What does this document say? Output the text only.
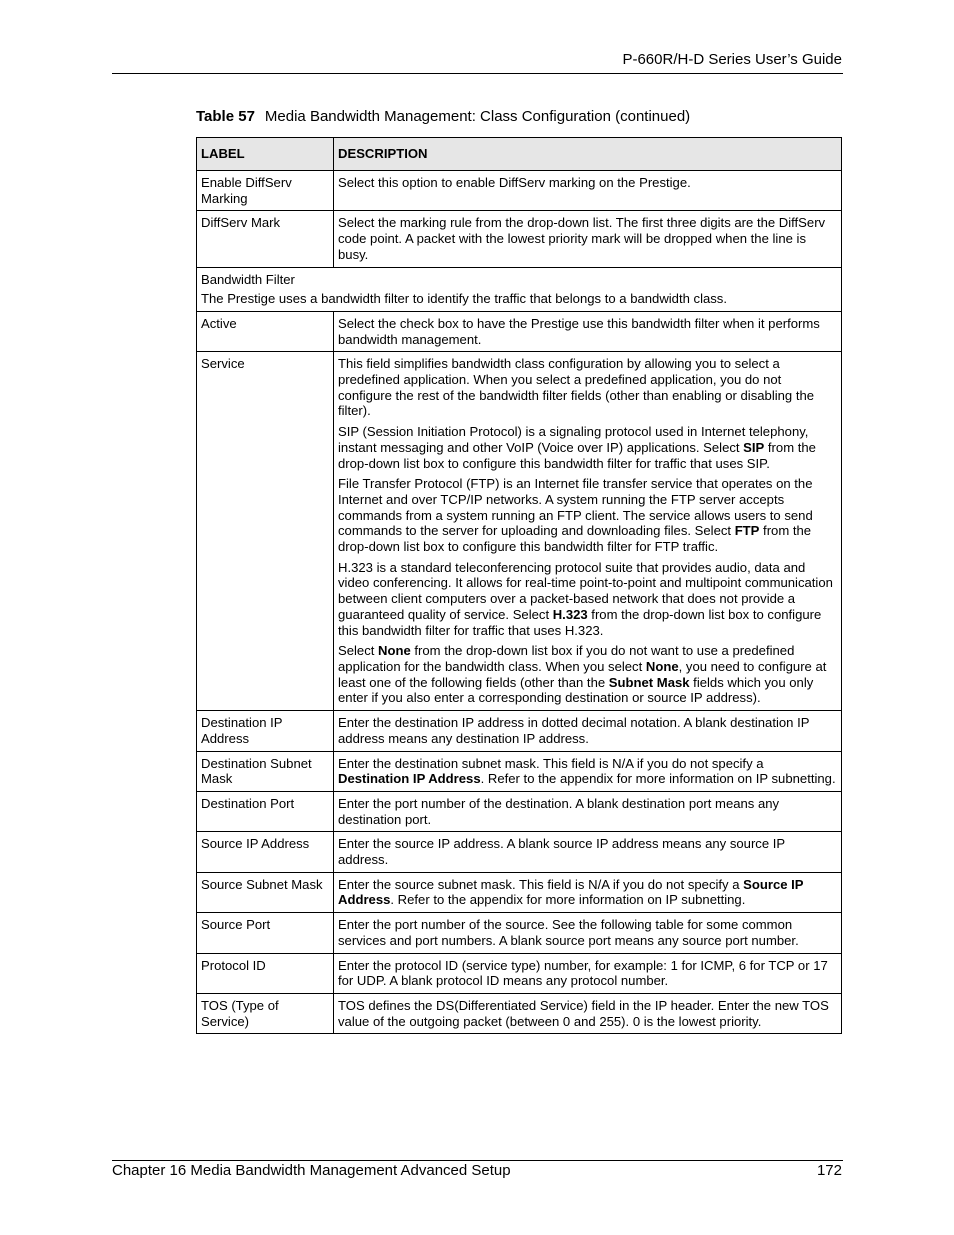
P-660R/H-D Series User’s Guide
Table 57 Media Bandwidth Management: Class Configuration (continued)
LABEL	DESCRIPTION
Enable DiffServ Marking	Select this option to enable DiffServ marking on the Prestige.

DiffServ Mark	Select the marking rule from the drop-down list. The first three digits are the DiffServ code point. A packet with the lowest priority mark will be dropped when the line is busy.

Bandwidth Filter
The Prestige uses a bandwidth filter to identify the traffic that belongs to a bandwidth class.	

Active	Select the check box to have the Prestige use this bandwidth filter when it performs bandwidth management.

Service	This field simplifies bandwidth class configuration by allowing you to select a predefined application. When you select a predefined application, you do not configure the rest of the bandwidth filter fields (other than enabling or disabling the filter).
SIP (Session Initiation Protocol) is a signaling protocol used in Internet telephony, instant messaging and other VoIP (Voice over IP) applications. Select SIP from the drop-down list box to configure this bandwidth filter for traffic that uses SIP.
File Transfer Protocol (FTP) is an Internet file transfer service that operates on the Internet and over TCP/IP networks. A system running the FTP server accepts commands from a system running an FTP client. The service allows users to send commands to the server for uploading and downloading files. Select FTP from the drop-down list box to configure this bandwidth filter for FTP traffic.
H.323 is a standard teleconferencing protocol suite that provides audio, data and video conferencing. It allows for real-time point-to-point and multipoint communication between client computers over a packet-based network that does not provide a guaranteed quality of service. Select H.323 from the drop-down list box to configure this bandwidth filter for traffic that uses H.323.
Select None from the drop-down list box if you do not want to use a predefined application for the bandwidth class. When you select None, you need to configure at least one of the following fields (other than the Subnet Mask fields which you only enter if you also enter a corresponding destination or source IP address).

Destination IP Address	Enter the destination IP address in dotted decimal notation. A blank destination IP address means any destination IP address.

Destination Subnet Mask	Enter the destination subnet mask. This field is N/A if you do not specify a Destination IP Address. Refer to the appendix for more information on IP subnetting.

Destination Port	Enter the port number of the destination. A blank destination port means any destination port.

Source IP Address	Enter the source IP address. A blank source IP address means any source IP address.

Source Subnet Mask	Enter the source subnet mask. This field is N/A if you do not specify a Source IP Address. Refer to the appendix for more information on IP subnetting.

Source Port	Enter the port number of the source. See the following table for some common services and port numbers. A blank source port means any source port number.

Protocol ID	Enter the protocol ID (service type) number, for example: 1 for ICMP, 6 for TCP or 17 for UDP. A blank protocol ID means any protocol number.

TOS (Type of Service)	TOS defines the DS(Differentiated Service) field in the IP header. Enter the new TOS value of the outgoing packet (between 0 and 255). 0 is the lowest priority.
Chapter 16 Media Bandwidth Management Advanced Setup	172
